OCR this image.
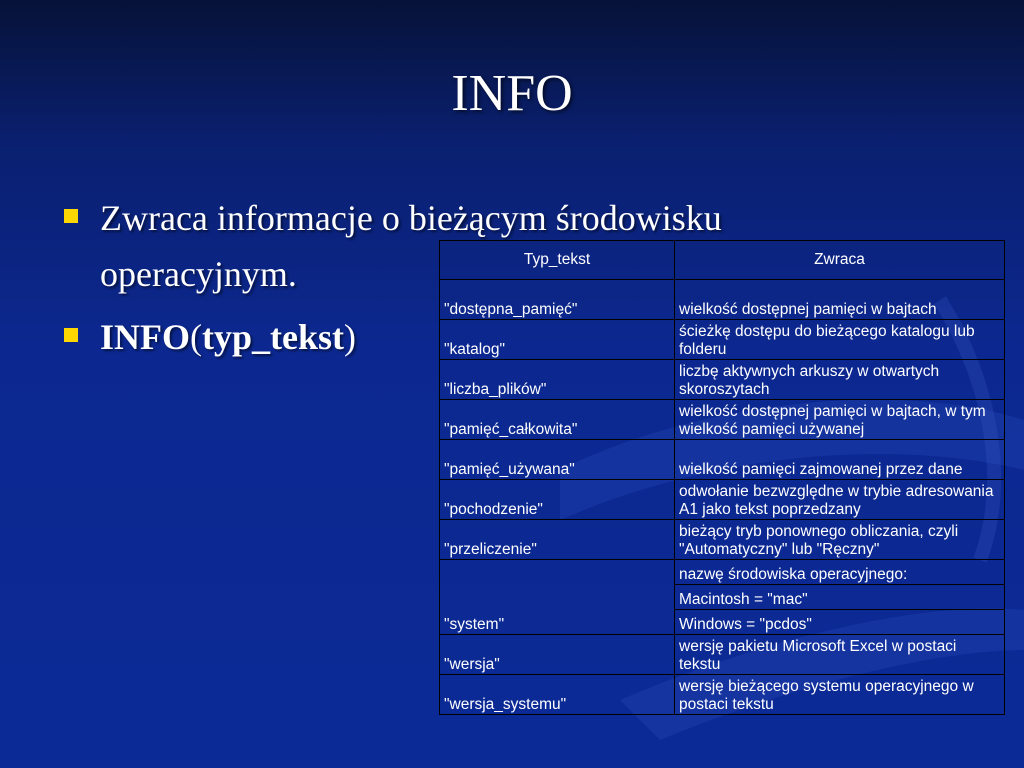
INFO
Zwraca informacje o bieżącym środowisku operacyjnym.
INFO(typ_tekst)
Typ_tekst	Zwraca
"dostępna_pamięć"	wielkość dostępnej pamięci w bajtach
"katalog"	ścieżkę dostępu do bieżącego katalogu lub folderu
"liczba_plików"	liczbę aktywnych arkuszy w otwartych skoroszytach
"pamięć_całkowita"	wielkość dostępnej pamięci w bajtach, w tym wielkość pamięci używanej
"pamięć_używana"	wielkość pamięci zajmowanej przez dane
"pochodzenie"	odwołanie bezwzględne w trybie adresowania A1 jako tekst poprzedzany
"przeliczenie"	bieżący tryb ponownego obliczania, czyli "Automatyczny" lub "Ręczny"
"system"	nazwę środowiska operacyjnego:
	Macintosh = "mac"
	Windows = "pcdos"
"wersja"	wersję pakietu Microsoft Excel w postaci tekstu
"wersja_systemu"	wersję bieżącego systemu operacyjnego w postaci tekstu
